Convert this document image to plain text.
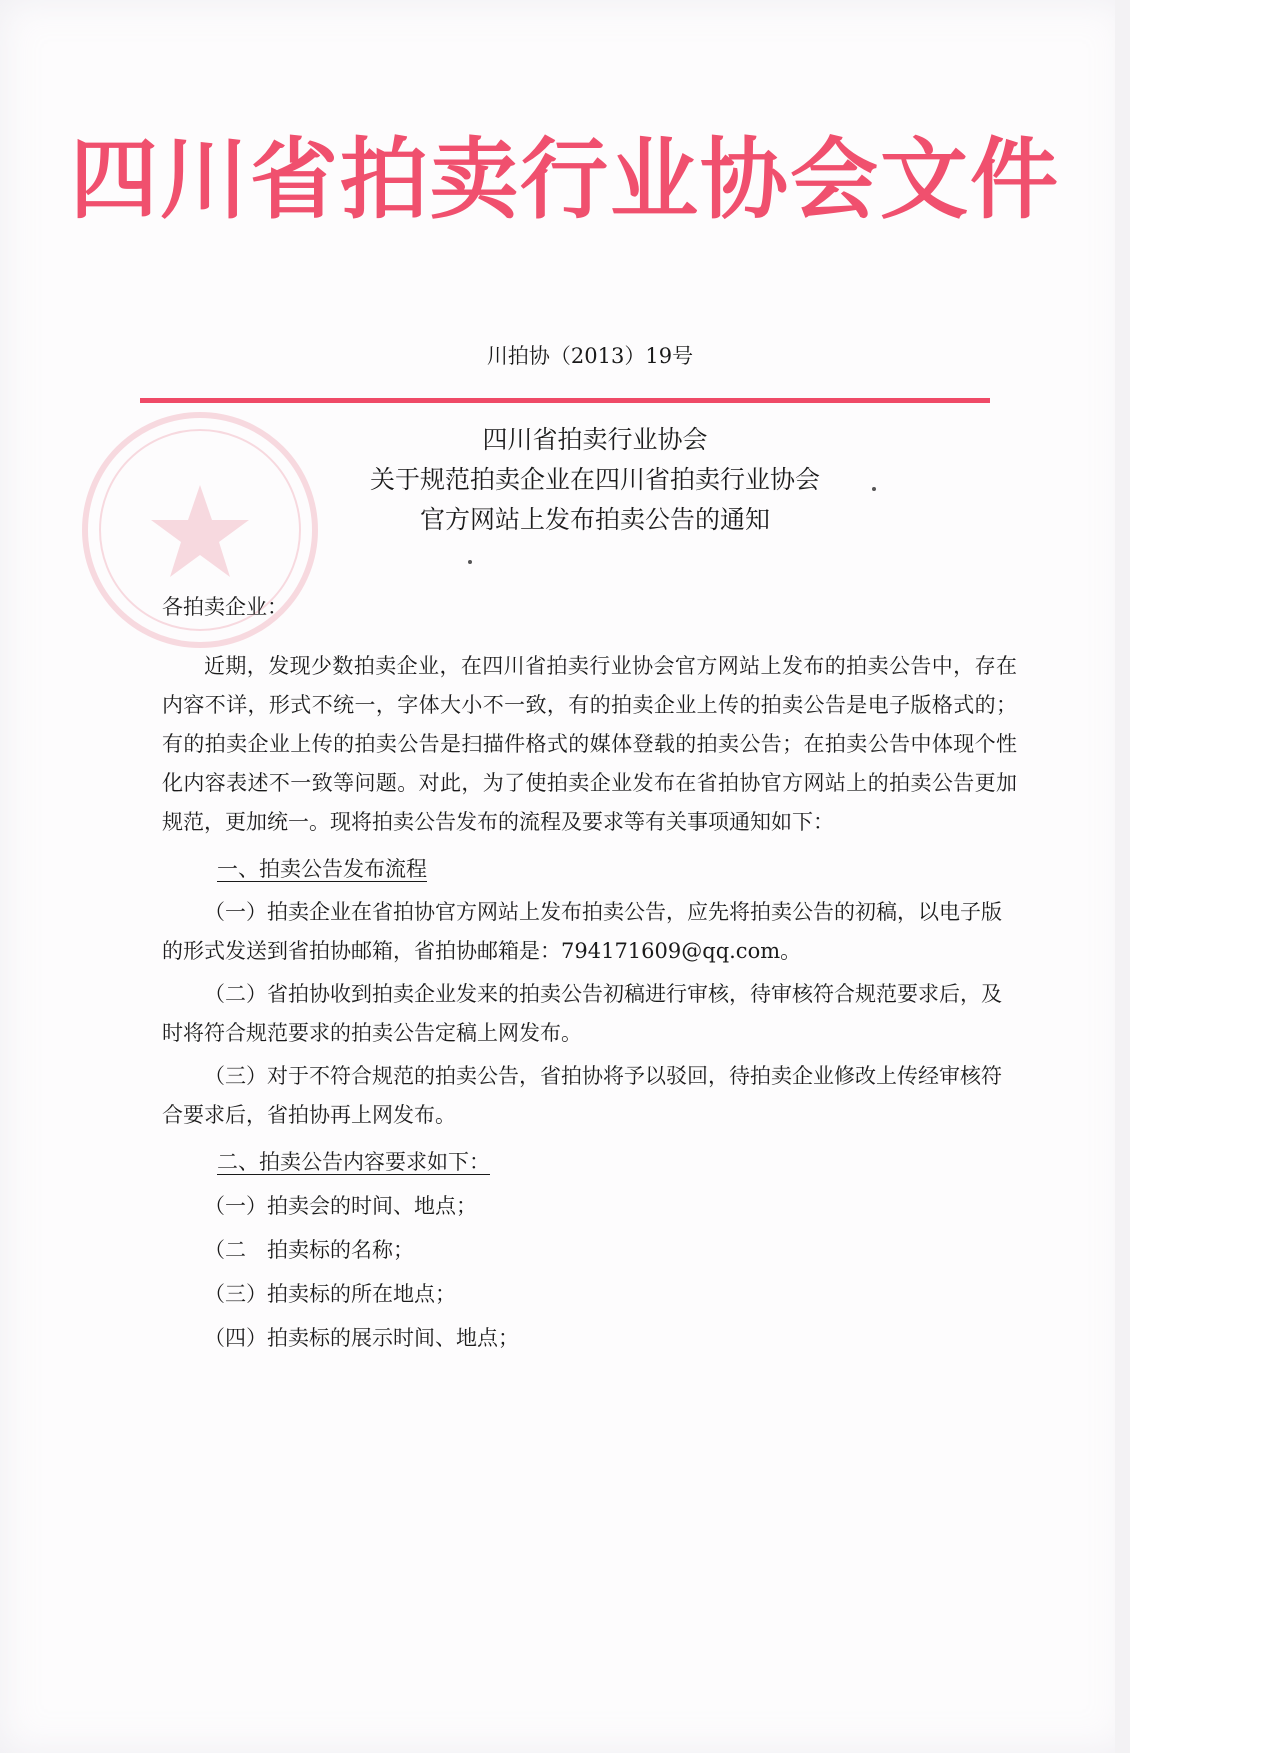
四川省拍卖行业协会文件
川拍协（2013）19号
四川省拍卖行业协会
关于规范拍卖企业在四川省拍卖行业协会
官方网站上发布拍卖公告的通知

各拍卖企业：

近期，发现少数拍卖企业，在四川省拍卖行业协会官方网站上发布的拍卖公告中，存在内容不详，形式不统一，字体大小不一致，有的拍卖企业上传的拍卖公告是电子版格式的；有的拍卖企业上传的拍卖公告是扫描件格式的媒体登载的拍卖公告；在拍卖公告中体现个性化内容表述不一致等问题。对此，为了使拍卖企业发布在省拍协官方网站上的拍卖公告更加规范，更加统一。现将拍卖公告发布的流程及要求等有关事项通知如下：

一、拍卖公告发布流程

（一）拍卖企业在省拍协官方网站上发布拍卖公告，应先将拍卖公告的初稿，以电子版的形式发送到省拍协邮箱，省拍协邮箱是：794171609@qq.com。

（二）省拍协收到拍卖企业发来的拍卖公告初稿进行审核，待审核符合规范要求后，及时将符合规范要求的拍卖公告定稿上网发布。

（三）对于不符合规范的拍卖公告，省拍协将予以驳回，待拍卖企业修改上传经审核符合要求后，省拍协再上网发布。

二、拍卖公告内容要求如下：

（一）拍卖会的时间、地点；

（二　拍卖标的名称；

（三）拍卖标的所在地点；

（四）拍卖标的展示时间、地点；
